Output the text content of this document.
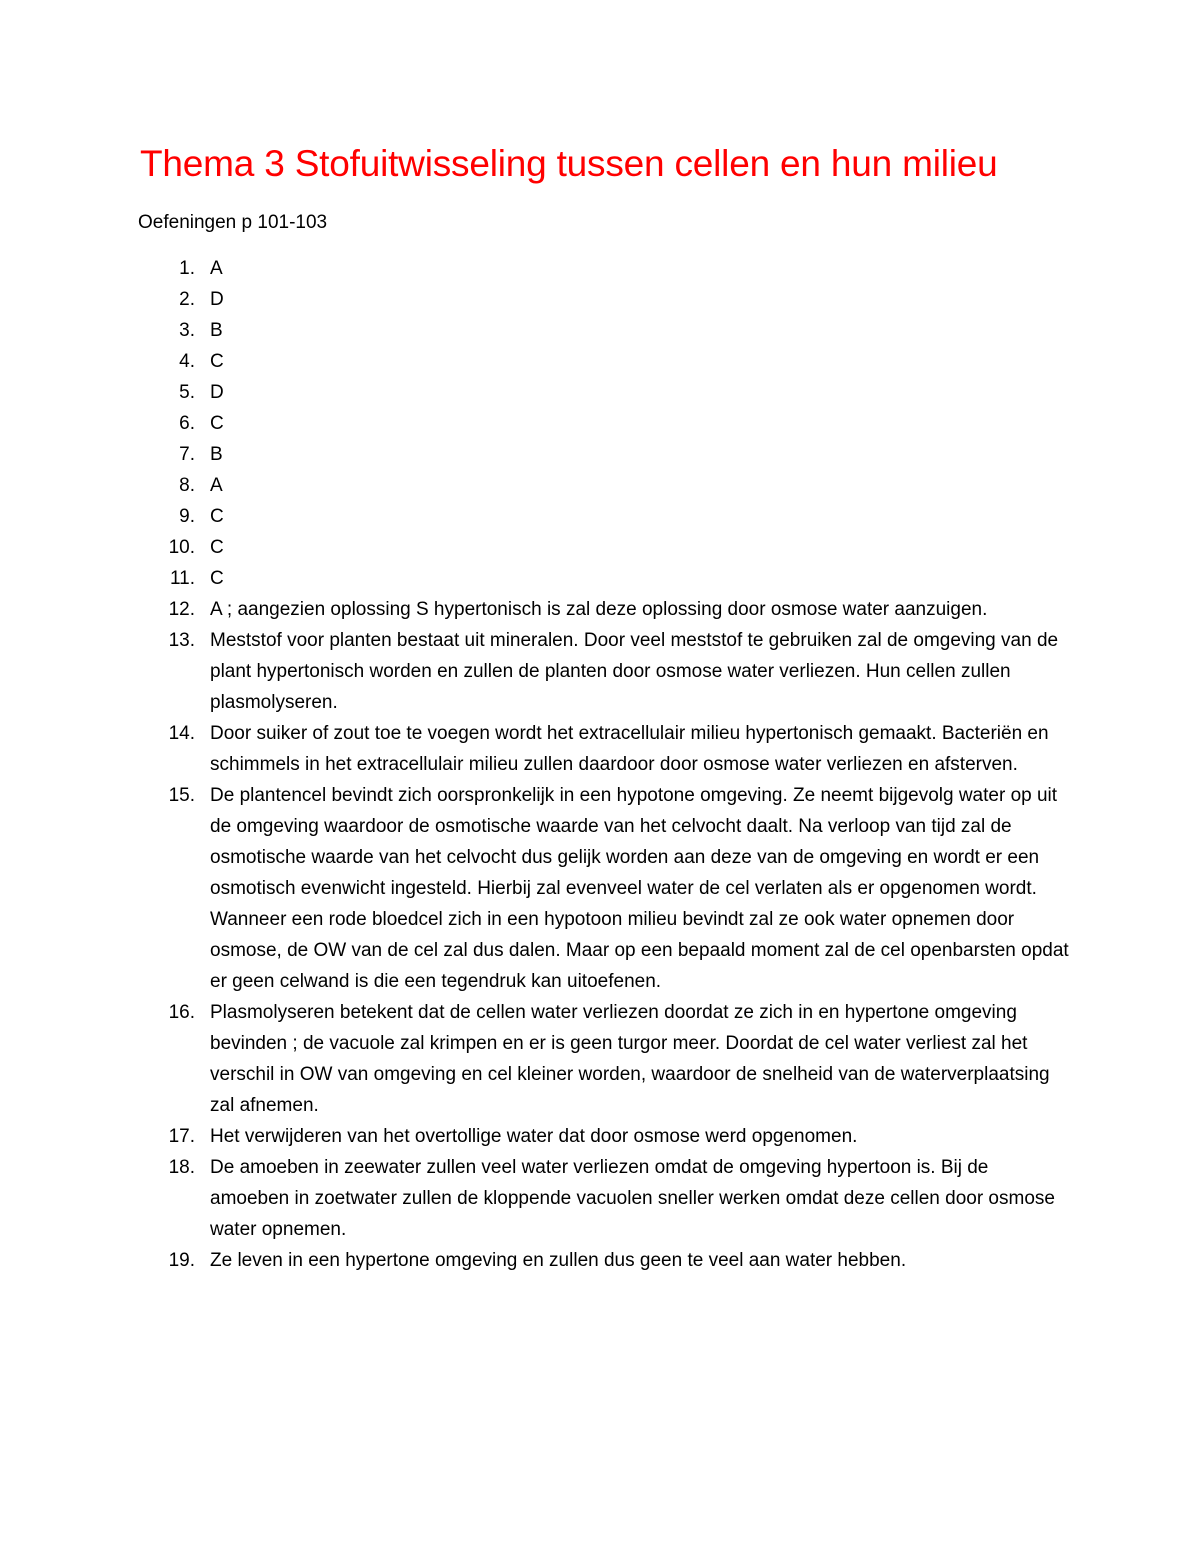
Thema 3 Stofuitwisseling tussen cellen en hun milieu
Oefeningen p 101-103
1. A
2. D
3. B
4. C
5. D
6. C
7. B
8. A
9. C
10. C
11. C
12. A ; aangezien oplossing S hypertonisch is zal deze oplossing door osmose water aanzuigen.
13. Meststof voor planten bestaat uit mineralen. Door veel meststof te gebruiken zal de omgeving van de plant hypertonisch worden en zullen de planten door osmose water verliezen. Hun cellen zullen plasmolyseren.
14. Door suiker of zout toe te voegen wordt het extracellulair milieu hypertonisch gemaakt. Bacteriën en schimmels in het extracellulair milieu zullen daardoor door osmose water verliezen en afsterven.
15. De plantencel bevindt zich oorspronkelijk in een hypotone omgeving. Ze neemt bijgevolg water op uit de omgeving waardoor de osmotische waarde van het celvocht daalt. Na verloop van tijd zal de osmotische waarde van het celvocht dus gelijk worden aan deze van de omgeving en wordt er een osmotisch evenwicht ingesteld. Hierbij zal evenveel water de cel verlaten als er opgenomen wordt.
Wanneer een rode bloedcel zich in een hypotoon milieu bevindt zal ze ook water opnemen door osmose, de OW van de cel zal dus dalen. Maar op een bepaald moment zal de cel openbarsten opdat er geen celwand is die een tegendruk kan uitoefenen.
16. Plasmolyseren betekent dat de cellen water verliezen doordat ze zich in en hypertone omgeving bevinden ; de vacuole zal krimpen en er is geen turgor meer. Doordat de cel water verliest zal het verschil in OW van omgeving en cel kleiner worden, waardoor de snelheid van de waterverplaatsing zal afnemen.
17. Het verwijderen van het overtollige water dat door osmose werd opgenomen.
18. De amoeben in zeewater zullen veel water verliezen omdat de omgeving hypertoon is. Bij de amoeben in zoetwater zullen de kloppende vacuolen sneller werken omdat deze cellen door osmose water opnemen.
19. Ze leven in een hypertone omgeving en zullen dus geen te veel aan water hebben.
